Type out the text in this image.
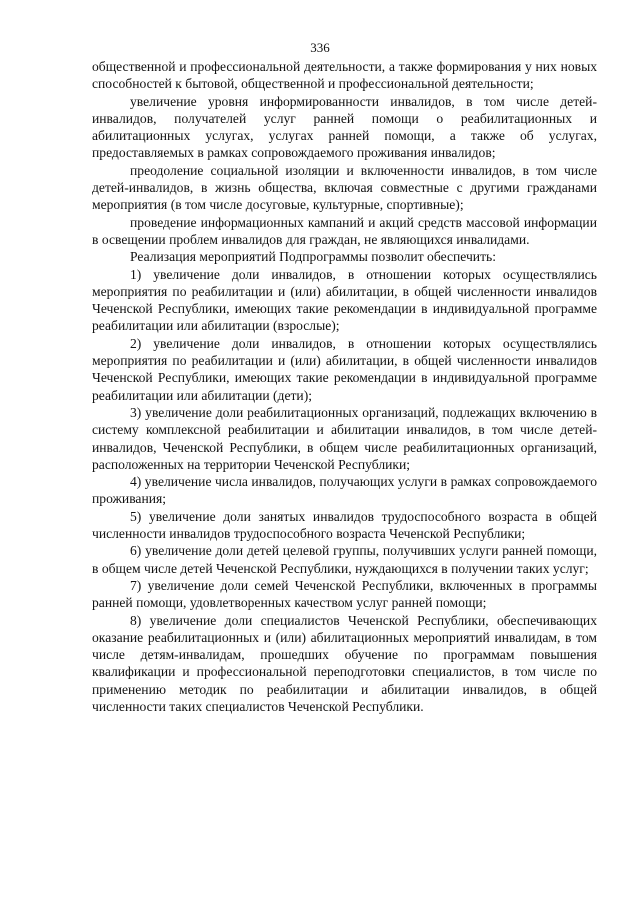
336

общественной и профессиональной деятельности, а также формирования у них новых способностей к бытовой, общественной и профессиональной деятельности;

увеличение уровня информированности инвалидов, в том числе детей-инвалидов, получателей услуг ранней помощи о реабилитационных и абилитационных услугах, услугах ранней помощи, а также об услугах, предоставляемых в рамках сопровождаемого проживания инвалидов;

преодоление социальной изоляции и включенности инвалидов, в том числе детей-инвалидов, в жизнь общества, включая совместные с другими гражданами мероприятия (в том числе досуговые, культурные, спортивные);

проведение информационных кампаний и акций средств массовой информации в освещении проблем инвалидов для граждан, не являющихся инвалидами.

Реализация мероприятий Подпрограммы позволит обеспечить:

1) увеличение доли инвалидов, в отношении которых осуществлялись мероприятия по реабилитации и (или) абилитации, в общей численности инвалидов Чеченской Республики, имеющих такие рекомендации в индивидуальной программе реабилитации или абилитации (взрослые);

2) увеличение доли инвалидов, в отношении которых осуществлялись мероприятия по реабилитации и (или) абилитации, в общей численности инвалидов Чеченской Республики, имеющих такие рекомендации в индивидуальной программе реабилитации или абилитации (дети);

3) увеличение доли реабилитационных организаций, подлежащих включению в систему комплексной реабилитации и абилитации инвалидов, в том числе детей-инвалидов, Чеченской Республики, в общем числе реабилитационных организаций, расположенных на территории Чеченской Республики;

4) увеличение числа инвалидов, получающих услуги в рамках сопровождаемого проживания;

5) увеличение доли занятых инвалидов трудоспособного возраста в общей численности инвалидов трудоспособного возраста Чеченской Республики;

6) увеличение доли детей целевой группы, получивших услуги ранней помощи, в общем числе детей Чеченской Республики, нуждающихся в получении таких услуг;

7) увеличение доли семей Чеченской Республики, включенных в программы ранней помощи, удовлетворенных качеством услуг ранней помощи;

8) увеличение доли специалистов Чеченской Республики, обеспечивающих оказание реабилитационных и (или) абилитационных мероприятий инвалидам, в том числе детям-инвалидам, прошедших обучение по программам повышения квалификации и профессиональной переподготовки специалистов, в том числе по применению методик по реабилитации и абилитации инвалидов, в общей численности таких специалистов Чеченской Республики.
